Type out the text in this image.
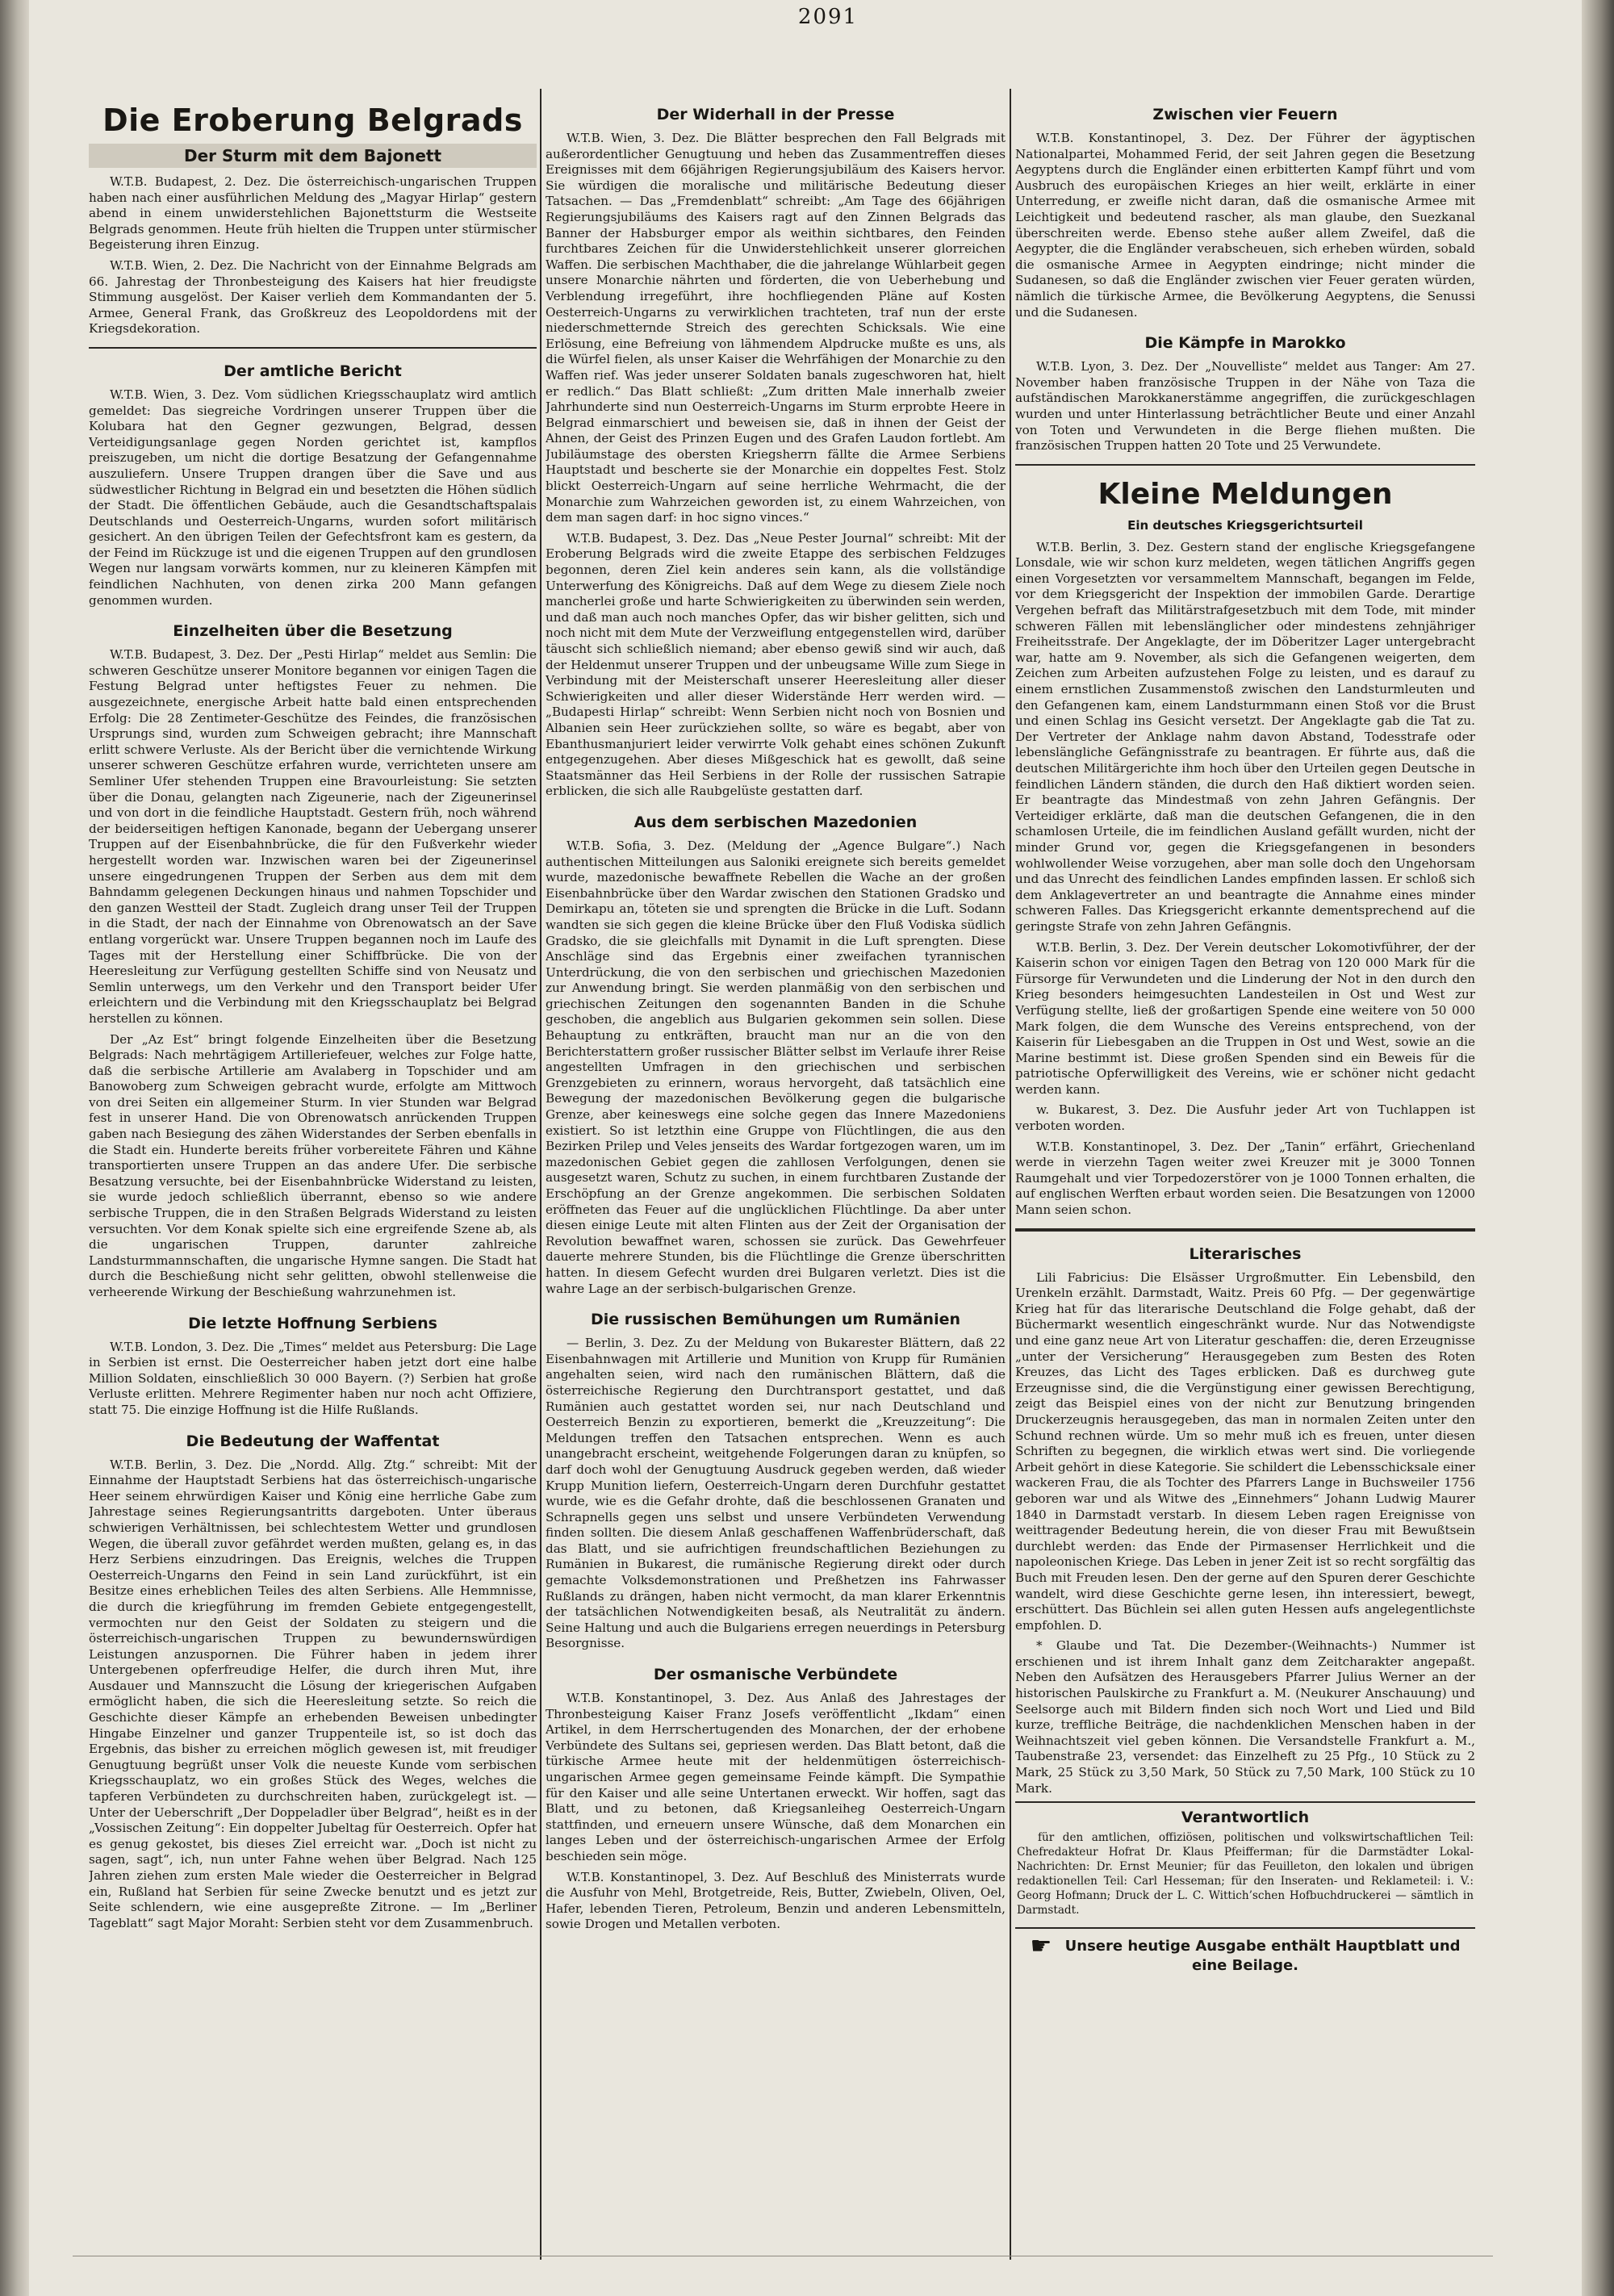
2091
Die Eroberung Belgrads
Der Sturm mit dem Bajonett

W.T.B. Budapest, 2. Dez. Die österreichisch-ungarischen Truppen haben nach einer ausführlichen Meldung des „Magyar Hirlap“ gestern abend in einem unwiderstehlichen Bajonettsturm die Westseite Belgrads genommen. Heute früh hielten die Truppen unter stürmischer Begeisterung ihren Einzug.

W.T.B. Wien, 2. Dez. Die Nachricht von der Einnahme Belgrads am 66. Jahrestag der Thronbesteigung des Kaisers hat hier freudigste Stimmung ausgelöst. Der Kaiser verlieh dem Kommandanten der 5. Armee, General Frank, das Großkreuz des Leopoldordens mit der Kriegsdekoration.

Der amtliche Bericht

W.T.B. Wien, 3. Dez. Vom südlichen Kriegsschauplatz wird amtlich gemeldet: Das siegreiche Vordringen unserer Truppen über die Kolubara hat den Gegner gezwungen, Belgrad, dessen Verteidigungsanlage gegen Norden gerichtet ist, kampflos preiszugeben, um nicht die dortige Besatzung der Gefangennahme auszuliefern. Unsere Truppen drangen über die Save und aus südwestlicher Richtung in Belgrad ein und besetzten die Höhen südlich der Stadt. Die öffentlichen Gebäude, auch die Gesandtschaftspalais Deutschlands und Oesterreich-Ungarns, wurden sofort militärisch gesichert. An den übrigen Teilen der Gefechtsfront kam es gestern, da der Feind im Rückzuge ist und die eigenen Truppen auf den grundlosen Wegen nur langsam vorwärts kommen, nur zu kleineren Kämpfen mit feindlichen Nachhuten, von denen zirka 200 Mann gefangen genommen wurden.

Einzelheiten über die Besetzung

W.T.B. Budapest, 3. Dez. Der „Pesti Hirlap“ meldet aus Semlin: Die schweren Geschütze unserer Monitore begannen vor einigen Tagen die Festung Belgrad unter heftigstes Feuer zu nehmen. Die ausgezeichnete, energische Arbeit hatte bald einen entsprechenden Erfolg: Die 28 Zentimeter-Geschütze des Feindes, die französischen Ursprungs sind, wurden zum Schweigen gebracht; ihre Mannschaft erlitt schwere Verluste. Als der Bericht über die vernichtende Wirkung unserer schweren Geschütze erfahren wurde, verrichteten unsere am Semliner Ufer stehenden Truppen eine Bravourleistung: Sie setzten über die Donau, gelangten nach Zigeunerie, nach der Zigeunerinsel und von dort in die feindliche Hauptstadt. Gestern früh, noch während der beiderseitigen heftigen Kanonade, begann der Uebergang unserer Truppen auf der Eisenbahnbrücke, die für den Fußverkehr wieder hergestellt worden war. Inzwischen waren bei der Zigeunerinsel unsere eingedrungenen Truppen der Serben aus dem mit dem Bahndamm gelegenen Deckungen hinaus und nahmen Topschider und den ganzen Westteil der Stadt. Zugleich drang unser Teil der Truppen in die Stadt, der nach der Einnahme von Obrenowatsch an der Save entlang vorgerückt war. Unsere Truppen begannen noch im Laufe des Tages mit der Herstellung einer Schiffbrücke. Die von der Heeresleitung zur Verfügung gestellten Schiffe sind von Neusatz und Semlin unterwegs, um den Verkehr und den Transport beider Ufer erleichtern und die Verbindung mit den Kriegsschauplatz bei Belgrad herstellen zu können.

Der „Az Est“ bringt folgende Einzelheiten über die Besetzung Belgrads: Nach mehrtägigem Artilleriefeuer, welches zur Folge hatte, daß die serbische Artillerie am Avalaberg in Topschider und am Banowoberg zum Schweigen gebracht wurde, erfolgte am Mittwoch von drei Seiten ein allgemeiner Sturm. In vier Stunden war Belgrad fest in unserer Hand. Die von Obrenowatsch anrückenden Truppen gaben nach Besiegung des zähen Widerstandes der Serben ebenfalls in die Stadt ein. Hunderte bereits früher vorbereitete Fähren und Kähne transportierten unsere Truppen an das andere Ufer. Die serbische Besatzung versuchte, bei der Eisenbahnbrücke Widerstand zu leisten, sie wurde jedoch schließlich überrannt, ebenso so wie andere serbische Truppen, die in den Straßen Belgrads Widerstand zu leisten versuchten. Vor dem Konak spielte sich eine ergreifende Szene ab, als die ungarischen Truppen, darunter zahlreiche Landsturmmannschaften, die ungarische Hymne sangen. Die Stadt hat durch die Beschießung nicht sehr gelitten, obwohl stellenweise die verheerende Wirkung der Beschießung wahrzunehmen ist.

Die letzte Hoffnung Serbiens

W.T.B. London, 3. Dez. Die „Times“ meldet aus Petersburg: Die Lage in Serbien ist ernst. Die Oesterreicher haben jetzt dort eine halbe Million Soldaten, einschließlich 30 000 Bayern. (?) Serbien hat große Verluste erlitten. Mehrere Regimenter haben nur noch acht Offiziere, statt 75. Die einzige Hoffnung ist die Hilfe Rußlands.

Die Bedeutung der Waffentat

W.T.B. Berlin, 3. Dez. Die „Nordd. Allg. Ztg.“ schreibt: Mit der Einnahme der Hauptstadt Serbiens hat das österreichisch-ungarische Heer seinem ehrwürdigen Kaiser und König eine herrliche Gabe zum Jahrestage seines Regierungsantritts dargeboten. Unter überaus schwierigen Verhältnissen, bei schlechtestem Wetter und grundlosen Wegen, die überall zuvor gefährdet werden mußten, gelang es, in das Herz Serbiens einzudringen. Das Ereignis, welches die Truppen Oesterreich-Ungarns den Feind in sein Land zurückführt, ist ein Besitze eines erheblichen Teiles des alten Serbiens. Alle Hemmnisse, die durch die kriegführung im fremden Gebiete entgegengestellt, vermochten nur den Geist der Soldaten zu steigern und die österreichisch-ungarischen Truppen zu bewundernswürdigen Leistungen anzuspornen. Die Führer haben in jedem ihrer Untergebenen opferfreudige Helfer, die durch ihren Mut, ihre Ausdauer und Mannszucht die Lösung der kriegerischen Aufgaben ermöglicht haben, die sich die Heeresleitung setzte. So reich die Geschichte dieser Kämpfe an erhebenden Beweisen unbedingter Hingabe Einzelner und ganzer Truppenteile ist, so ist doch das Ergebnis, das bisher zu erreichen möglich gewesen ist, mit freudiger Genugtuung begrüßt unser Volk die neueste Kunde vom serbischen Kriegsschauplatz, wo ein großes Stück des Weges, welches die tapferen Verbündeten zu durchschreiten haben, zurückgelegt ist. — Unter der Ueberschrift „Der Doppeladler über Belgrad“, heißt es in der „Vossischen Zeitung“: Ein doppelter Jubeltag für Oesterreich. Opfer hat es genug gekostet, bis dieses Ziel erreicht war. „Doch ist nicht zu sagen, sagt“, ich, nun unter Fahne wehen über Belgrad. Nach 125 Jahren ziehen zum ersten Male wieder die Oesterreicher in Belgrad ein, Rußland hat Serbien für seine Zwecke benutzt und es jetzt zur Seite schlendern, wie eine ausgepreßte Zitrone. — Im „Berliner Tageblatt“ sagt Major Moraht: Serbien steht vor dem Zusammenbruch.

Der Widerhall in der Presse

W.T.B. Wien, 3. Dez. Die Blätter besprechen den Fall Belgrads mit außerordentlicher Genugtuung und heben das Zusammentreffen dieses Ereignisses mit dem 66jährigen Regierungsjubiläum des Kaisers hervor. Sie würdigen die moralische und militärische Bedeutung dieser Tatsachen. — Das „Fremdenblatt“ schreibt: „Am Tage des 66jährigen Regierungsjubiläums des Kaisers ragt auf den Zinnen Belgrads das Banner der Habsburger empor als weithin sichtbares, den Feinden furchtbares Zeichen für die Unwiderstehlichkeit unserer glorreichen Waffen. Die serbischen Machthaber, die die jahrelange Wühlarbeit gegen unsere Monarchie nährten und förderten, die von Ueberhebung und Verblendung irregeführt, ihre hochfliegenden Pläne auf Kosten Oesterreich-Ungarns zu verwirklichen trachteten, traf nun der erste niederschmetternde Streich des gerechten Schicksals. Wie eine Erlösung, eine Befreiung von lähmendem Alpdrucke mußte es uns, als die Würfel fielen, als unser Kaiser die Wehrfähigen der Monarchie zu den Waffen rief. Was jeder unserer Soldaten banals zugeschworen hat, hielt er redlich.“ Das Blatt schließt: „Zum dritten Male innerhalb zweier Jahrhunderte sind nun Oesterreich-Ungarns im Sturm erprobte Heere in Belgrad einmarschiert und beweisen sie, daß in ihnen der Geist der Ahnen, der Geist des Prinzen Eugen und des Grafen Laudon fortlebt. Am Jubiläumstage des obersten Kriegsherrn fällte die Armee Serbiens Hauptstadt und bescherte sie der Monarchie ein doppeltes Fest. Stolz blickt Oesterreich-Ungarn auf seine herrliche Wehrmacht, die der Monarchie zum Wahrzeichen geworden ist, zu einem Wahrzeichen, von dem man sagen darf: in hoc signo vinces.“

W.T.B. Budapest, 3. Dez. Das „Neue Pester Journal“ schreibt: Mit der Eroberung Belgrads wird die zweite Etappe des serbischen Feldzuges begonnen, deren Ziel kein anderes sein kann, als die vollständige Unterwerfung des Königreichs. Daß auf dem Wege zu diesem Ziele noch mancherlei große und harte Schwierigkeiten zu überwinden sein werden, und daß man auch noch manches Opfer, das wir bisher gelitten, sich und noch nicht mit dem Mute der Verzweiflung entgegenstellen wird, darüber täuscht sich schließlich niemand; aber ebenso gewiß sind wir auch, daß der Heldenmut unserer Truppen und der unbeugsame Wille zum Siege in Verbindung mit der Meisterschaft unserer Heeresleitung aller dieser Schwierigkeiten und aller dieser Widerstände Herr werden wird. — „Budapesti Hirlap“ schreibt: Wenn Serbien nicht noch von Bosnien und Albanien sein Heer zurückziehen sollte, so wäre es begabt, aber von Ebanthusmanjuriert leider verwirrte Volk gehabt eines schönen Zukunft entgegenzugehen. Aber dieses Mißgeschick hat es gewollt, daß seine Staatsmänner das Heil Serbiens in der Rolle der russischen Satrapie erblicken, die sich alle Raubgelüste gestatten darf.

Aus dem serbischen Mazedonien

W.T.B. Sofia, 3. Dez. (Meldung der „Agence Bulgare“.) Nach authentischen Mitteilungen aus Saloniki ereignete sich bereits gemeldet wurde, mazedonische bewaffnete Rebellen die Wache an der großen Eisenbahnbrücke über den Wardar zwischen den Stationen Gradsko und Demirkapu an, töteten sie und sprengten die Brücke in die Luft. Sodann wandten sie sich gegen die kleine Brücke über den Fluß Vodiska südlich Gradsko, die sie gleichfalls mit Dynamit in die Luft sprengten. Diese Anschläge sind das Ergebnis einer zweifachen tyrannischen Unterdrückung, die von den serbischen und griechischen Mazedonien zur Anwendung bringt. Sie werden planmäßig von den serbischen und griechischen Zeitungen den sogenannten Banden in die Schuhe geschoben, die angeblich aus Bulgarien gekommen sein sollen. Diese Behauptung zu entkräften, braucht man nur an die von den Berichterstattern großer russischer Blätter selbst im Verlaufe ihrer Reise angestellten Umfragen in den griechischen und serbischen Grenzgebieten zu erinnern, woraus hervorgeht, daß tatsächlich eine Bewegung der mazedonischen Bevölkerung gegen die bulgarische Grenze, aber keineswegs eine solche gegen das Innere Mazedoniens existiert. So ist letzthin eine Gruppe von Flüchtlingen, die aus den Bezirken Prilep und Veles jenseits des Wardar fortgezogen waren, um im mazedonischen Gebiet gegen die zahllosen Verfolgungen, denen sie ausgesetzt waren, Schutz zu suchen, in einem furchtbaren Zustande der Erschöpfung an der Grenze angekommen. Die serbischen Soldaten eröffneten das Feuer auf die unglücklichen Flüchtlinge. Da aber unter diesen einige Leute mit alten Flinten aus der Zeit der Organisation der Revolution bewaffnet waren, schossen sie zurück. Das Gewehrfeuer dauerte mehrere Stunden, bis die Flüchtlinge die Grenze überschritten hatten. In diesem Gefecht wurden drei Bulgaren verletzt. Dies ist die wahre Lage an der serbisch-bulgarischen Grenze.

Die russischen Bemühungen um Rumänien

— Berlin, 3. Dez. Zu der Meldung von Bukarester Blättern, daß 22 Eisenbahnwagen mit Artillerie und Munition von Krupp für Rumänien angehalten seien, wird nach den rumänischen Blättern, daß die österreichische Regierung den Durchtransport gestattet, und daß Rumänien auch gestattet worden sei, nur nach Deutschland und Oesterreich Benzin zu exportieren, bemerkt die „Kreuzzeitung“: Die Meldungen treffen den Tatsachen entsprechen. Wenn es auch unangebracht erscheint, weitgehende Folgerungen daran zu knüpfen, so darf doch wohl der Genugtuung Ausdruck gegeben werden, daß wieder Krupp Munition liefern, Oesterreich-Ungarn deren Durchfuhr gestattet wurde, wie es die Gefahr drohte, daß die beschlossenen Granaten und Schrapnells gegen uns selbst und unsere Verbündeten Verwendung finden sollten. Die diesem Anlaß geschaffenen Waffenbrüderschaft, daß das Blatt, und sie aufrichtigen freundschaftlichen Beziehungen zu Rumänien in Bukarest, die rumänische Regierung direkt oder durch gemachte Volksdemonstrationen und Preßhetzen ins Fahrwasser Rußlands zu drängen, haben nicht vermocht, da man klarer Erkenntnis der tatsächlichen Notwendigkeiten besaß, als Neutralität zu ändern. Seine Haltung und auch die Bulgariens erregen neuerdings in Petersburg Besorgnisse.

Der osmanische Verbündete

W.T.B. Konstantinopel, 3. Dez. Aus Anlaß des Jahrestages der Thronbesteigung Kaiser Franz Josefs veröffentlicht „Ikdam“ einen Artikel, in dem Herrschertugenden des Monarchen, der der erhobene Verbündete des Sultans sei, gepriesen werden. Das Blatt betont, daß die türkische Armee heute mit der heldenmütigen österreichisch-ungarischen Armee gegen gemeinsame Feinde kämpft. Die Sympathie für den Kaiser und alle seine Untertanen erweckt. Wir hoffen, sagt das Blatt, und zu betonen, daß Kriegsanleiheg Oesterreich-Ungarn stattfinden, und erneuern unsere Wünsche, daß dem Monarchen ein langes Leben und der österreichisch-ungarischen Armee der Erfolg beschieden sein möge.

W.T.B. Konstantinopel, 3. Dez. Auf Beschluß des Ministerrats wurde die Ausfuhr von Mehl, Brotgetreide, Reis, Butter, Zwiebeln, Oliven, Oel, Hafer, lebenden Tieren, Petroleum, Benzin und anderen Lebensmitteln, sowie Drogen und Metallen verboten.

Zwischen vier Feuern

W.T.B. Konstantinopel, 3. Dez. Der Führer der ägyptischen Nationalpartei, Mohammed Ferid, der seit Jahren gegen die Besetzung Aegyptens durch die Engländer einen erbitterten Kampf führt und vom Ausbruch des europäischen Krieges an hier weilt, erklärte in einer Unterredung, er zweifle nicht daran, daß die osmanische Armee mit Leichtigkeit und bedeutend rascher, als man glaube, den Suezkanal überschreiten werde. Ebenso stehe außer allem Zweifel, daß die Aegypter, die die Engländer verabscheuen, sich erheben würden, sobald die osmanische Armee in Aegypten eindringe; nicht minder die Sudanesen, so daß die Engländer zwischen vier Feuer geraten würden, nämlich die türkische Armee, die Bevölkerung Aegyptens, die Senussi und die Sudanesen.

Die Kämpfe in Marokko

W.T.B. Lyon, 3. Dez. Der „Nouvelliste“ meldet aus Tanger: Am 27. November haben französische Truppen in der Nähe von Taza die aufständischen Marokkanerstämme angegriffen, die zurückgeschlagen wurden und unter Hinterlassung beträchtlicher Beute und einer Anzahl von Toten und Verwundeten in die Berge fliehen mußten. Die französischen Truppen hatten 20 Tote und 25 Verwundete.

Kleine Meldungen
Ein deutsches Kriegsgerichtsurteil

W.T.B. Berlin, 3. Dez. Gestern stand der englische Kriegsgefangene Lonsdale, wie wir schon kurz meldeten, wegen tätlichen Angriffs gegen einen Vorgesetzten vor versammeltem Mannschaft, begangen im Felde, vor dem Kriegsgericht der Inspektion der immobilen Garde. Derartige Vergehen befraft das Militärstrafgesetzbuch mit dem Tode, mit minder schweren Fällen mit lebenslänglicher oder mindestens zehnjähriger Freiheitsstrafe. Der Angeklagte, der im Döberitzer Lager untergebracht war, hatte am 9. November, als sich die Gefangenen weigerten, dem Zeichen zum Arbeiten aufzustehen Folge zu leisten, und es darauf zu einem ernstlichen Zusammenstoß zwischen den Landsturmleuten und den Gefangenen kam, einem Landsturmmann einen Stoß vor die Brust und einen Schlag ins Gesicht versetzt. Der Angeklagte gab die Tat zu. Der Vertreter der Anklage nahm davon Abstand, Todesstrafe oder lebenslängliche Gefängnisstrafe zu beantragen. Er führte aus, daß die deutschen Militärgerichte ihm hoch über den Urteilen gegen Deutsche in feindlichen Ländern ständen, die durch den Haß diktiert worden seien. Er beantragte das Mindestmaß von zehn Jahren Gefängnis. Der Verteidiger erklärte, daß man die deutschen Gefangenen, die in den schamlosen Urteile, die im feindlichen Ausland gefällt wurden, nicht der minder Grund vor, gegen die Kriegsgefangenen in besonders wohlwollender Weise vorzugehen, aber man solle doch den Ungehorsam und das Unrecht des feindlichen Landes empfinden lassen. Er schloß sich dem Anklagevertreter an und beantragte die Annahme eines minder schweren Falles. Das Kriegsgericht erkannte dementsprechend auf die geringste Strafe von zehn Jahren Gefängnis.

W.T.B. Berlin, 3. Dez. Der Verein deutscher Lokomotivführer, der der Kaiserin schon vor einigen Tagen den Betrag von 120 000 Mark für die Fürsorge für Verwundeten und die Linderung der Not in den durch den Krieg besonders heimgesuchten Landesteilen in Ost und West zur Verfügung stellte, ließ der großartigen Spende eine weitere von 50 000 Mark folgen, die dem Wunsche des Vereins entsprechend, von der Kaiserin für Liebesgaben an die Truppen in Ost und West, sowie an die Marine bestimmt ist. Diese großen Spenden sind ein Beweis für die patriotische Opferwilligkeit des Vereins, wie er schöner nicht gedacht werden kann.

w. Bukarest, 3. Dez. Die Ausfuhr jeder Art von Tuchlappen ist verboten worden.

W.T.B. Konstantinopel, 3. Dez. Der „Tanin“ erfährt, Griechenland werde in vierzehn Tagen weiter zwei Kreuzer mit je 3000 Tonnen Raumgehalt und vier Torpedozerstörer von je 1000 Tonnen erhalten, die auf englischen Werften erbaut worden seien. Die Besatzungen von 12000 Mann seien schon.

Literarisches

Lili Fabricius: Die Elsässer Urgroßmutter. Ein Lebensbild, den Urenkeln erzählt. Darmstadt, Waitz. Preis 60 Pfg. — Der gegenwärtige Krieg hat für das literarische Deutschland die Folge gehabt, daß der Büchermarkt wesentlich eingeschränkt wurde. Nur das Notwendigste und eine ganz neue Art von Literatur geschaffen: die, deren Erzeugnisse „unter der Versicherung“ Herausgegeben zum Besten des Roten Kreuzes, das Licht des Tages erblicken. Daß es durchweg gute Erzeugnisse sind, die die Vergünstigung einer gewissen Berechtigung, zeigt das Beispiel eines von der nicht zur Benutzung bringenden Druckerzeugnis herausgegeben, das man in normalen Zeiten unter den Schund rechnen würde. Um so mehr muß ich es freuen, unter diesen Schriften zu begegnen, die wirklich etwas wert sind. Die vorliegende Arbeit gehört in diese Kategorie. Sie schildert die Lebensschicksale einer wackeren Frau, die als Tochter des Pfarrers Lange in Buchsweiler 1756 geboren war und als Witwe des „Einnehmers“ Johann Ludwig Maurer 1840 in Darmstadt verstarb. In diesem Leben ragen Ereignisse von weittragender Bedeutung herein, die von dieser Frau mit Bewußtsein durchlebt werden: das Ende der Pirmasenser Herrlichkeit und die napoleonischen Kriege. Das Leben in jener Zeit ist so recht sorgfältig das Buch mit Freuden lesen. Den der gerne auf den Spuren derer Geschichte wandelt, wird diese Geschichte gerne lesen, ihn interessiert, bewegt, erschüttert. Das Büchlein sei allen guten Hessen aufs angelegentlichste empfohlen. D.

* Glaube und Tat. Die Dezember-(Weihnachts-) Nummer ist erschienen und ist ihrem Inhalt ganz dem Zeitcharakter angepaßt. Neben den Aufsätzen des Herausgebers Pfarrer Julius Werner an der historischen Paulskirche zu Frankfurt a. M. (Neukurer Anschauung) und Seelsorge auch mit Bildern finden sich noch Wort und Lied und Bild kurze, treffliche Beiträge, die nachdenklichen Menschen haben in der Weihnachtszeit viel geben können. Die Versandstelle Frankfurt a. M., Taubenstraße 23, versendet: das Einzelheft zu 25 Pfg., 10 Stück zu 2 Mark, 25 Stück zu 3,50 Mark, 50 Stück zu 7,50 Mark, 100 Stück zu 10 Mark.

Verantwortlich

für den amtlichen, offiziösen, politischen und volkswirtschaftlichen Teil: Chefredakteur Hofrat Dr. Klaus Pfeifferman; für die Darmstädter Lokal-Nachrichten: Dr. Ernst Meunier; für das Feuilleton, den lokalen und übrigen redaktionellen Teil: Carl Hesseman; für den Inseraten- und Reklameteil: i. V.: Georg Hofmann; Druck der L. C. Wittich’schen Hofbuchdruckerei — sämtlich in Darmstadt.

☛ Unsere heutige Ausgabe enthält Hauptblatt und eine Beilage.
